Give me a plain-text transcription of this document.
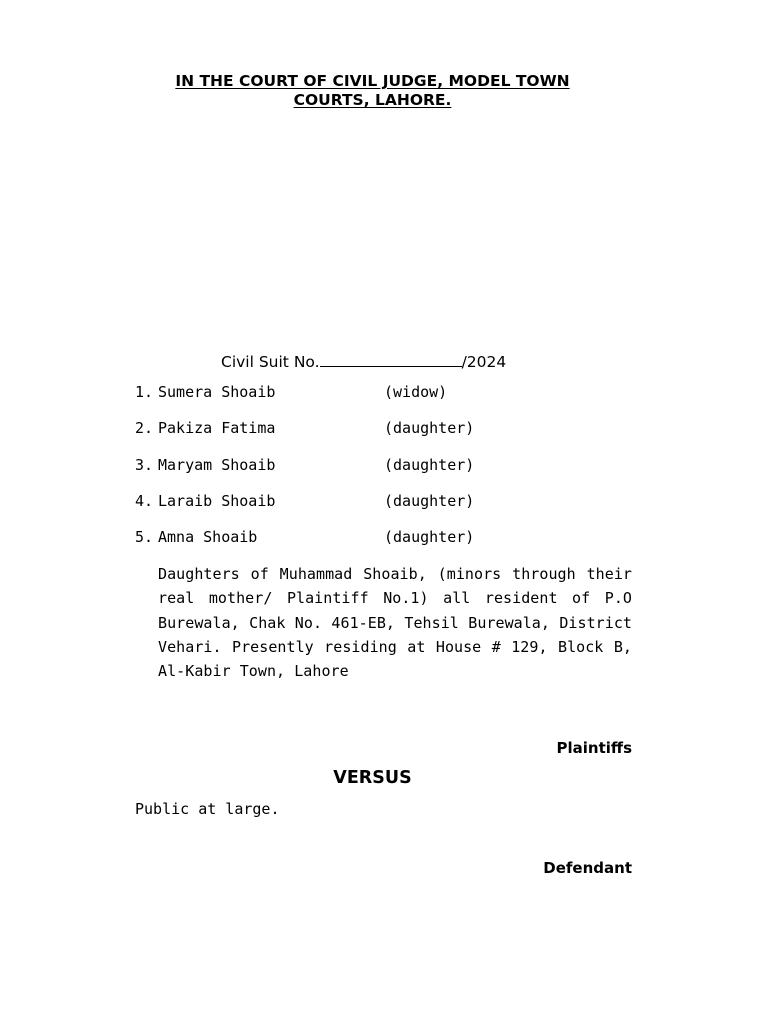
IN THE COURT OF CIVIL JUDGE, MODEL TOWN
COURTS, LAHORE.
Civil Suit No.	/2024
1. Sumera Shoaib	(widow)
2. Pakiza Fatima	(daughter)
3. Maryam Shoaib	(daughter)
4. Laraib Shoaib	(daughter)
5. Amna Shoaib	(daughter)
Daughters of Muhammad Shoaib, (minors through their real mother/ Plaintiff No.1) all resident of P.O Burewala, Chak No. 461-EB, Tehsil Burewala, District Vehari. Presently residing at House # 129, Block B, Al-Kabir Town, Lahore
Plaintiffs
VERSUS
Public at large.
Defendant
